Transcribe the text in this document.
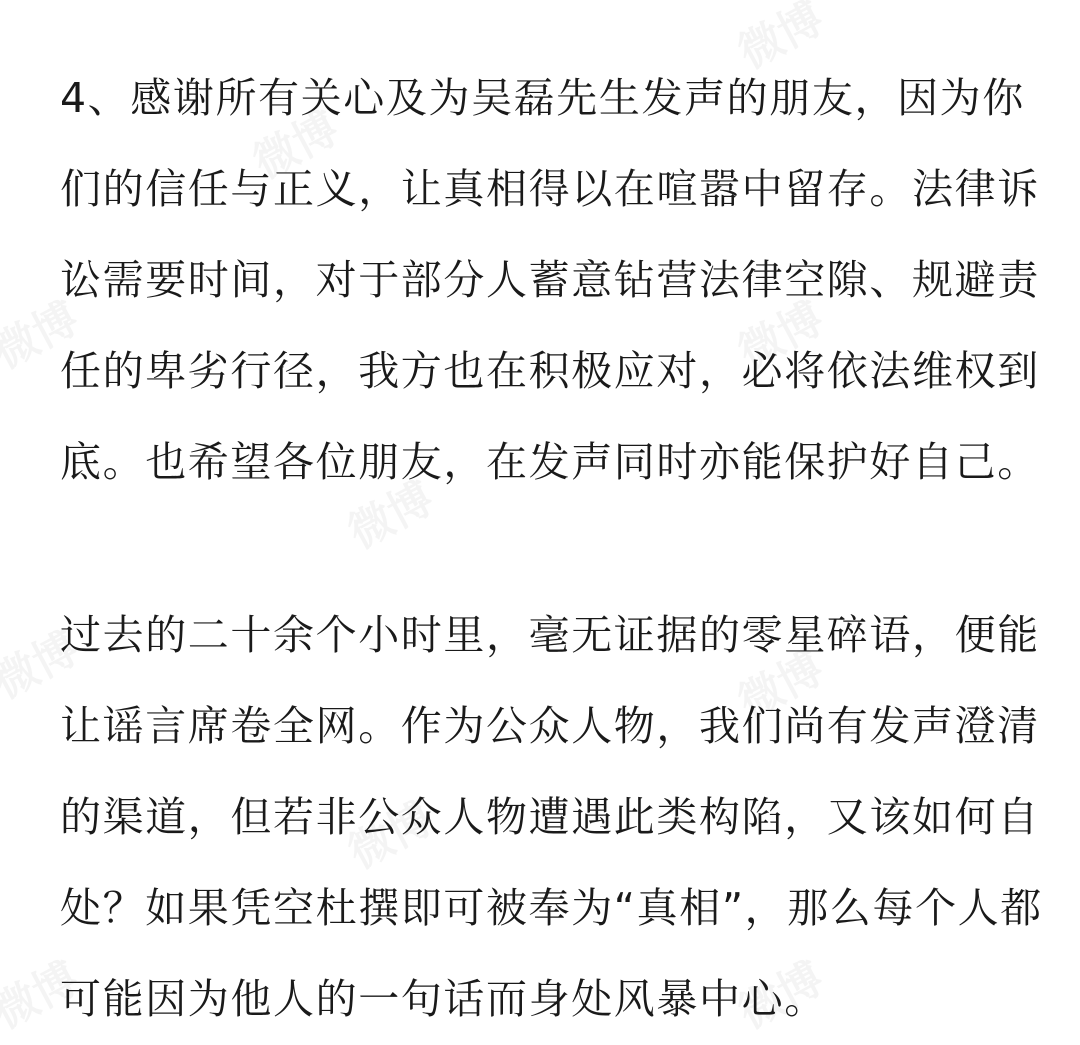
4、感谢所有关心及为吴磊先生发声的朋友，因为你
们的信任与正义，让真相得以在喧嚣中留存。法律诉
讼需要时间，对于部分人蓄意钻营法律空隙、规避责
任的卑劣行径，我方也在积极应对，必将依法维权到
底。也希望各位朋友，在发声同时亦能保护好自己。
过去的二十余个小时里，毫无证据的零星碎语，便能
让谣言席卷全网。作为公众人物，我们尚有发声澄清
的渠道，但若非公众人物遭遇此类构陷，又该如何自
处？如果凭空杜撰即可被奉为“真相”，那么每个人都
可能因为他人的一句话而身处风暴中心。
